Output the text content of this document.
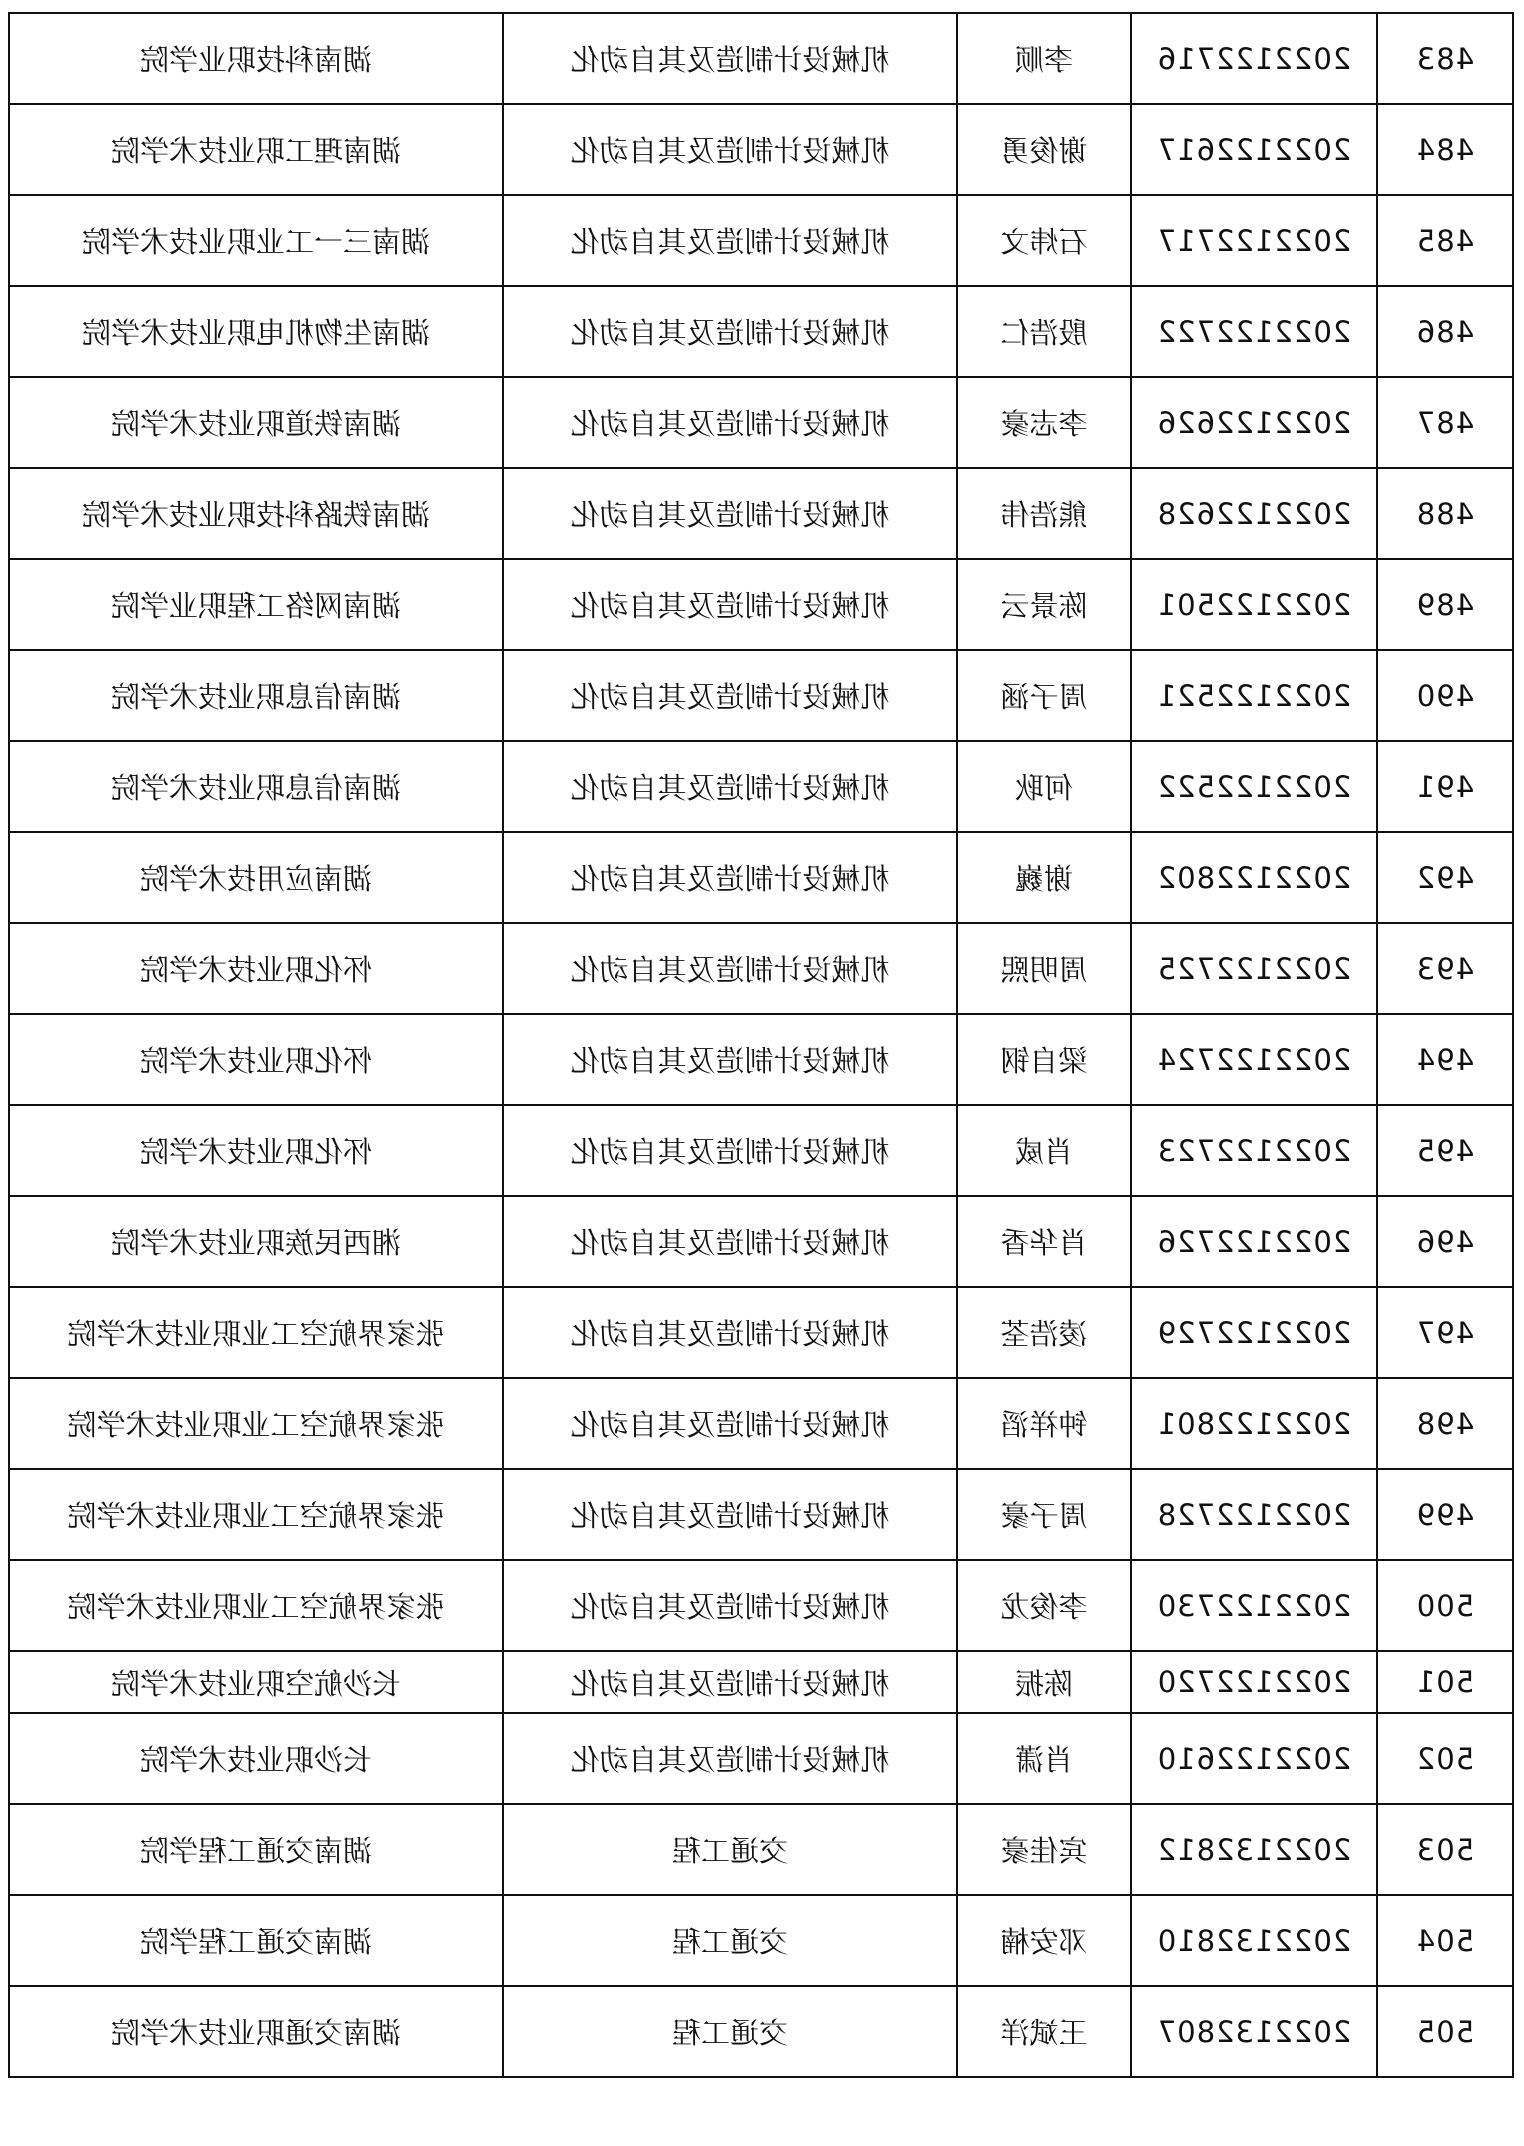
483	2022122716	李顺	机械设计制造及其自动化	湖南科技职业学院
484	2022122617	谢俊勇	机械设计制造及其自动化	湖南理工职业技术学院
485	2022122717	石炜文	机械设计制造及其自动化	湖南三一工业职业技术学院
486	2022122722	殷浩仁	机械设计制造及其自动化	湖南生物机电职业技术学院
487	2022122626	李志豪	机械设计制造及其自动化	湖南铁道职业技术学院
488	2022122628	熊浩伟	机械设计制造及其自动化	湖南铁路科技职业技术学院
489	2022122501	陈景云	机械设计制造及其自动化	湖南网络工程职业学院
490	2022122521	周子涵	机械设计制造及其自动化	湖南信息职业技术学院
491	2022122522	何耿	机械设计制造及其自动化	湖南信息职业技术学院
492	2022122802	谢巍	机械设计制造及其自动化	湖南应用技术学院
493	2022122725	周明熙	机械设计制造及其自动化	怀化职业技术学院
494	2022122724	梁自钢	机械设计制造及其自动化	怀化职业技术学院
495	2022122723	肖威	机械设计制造及其自动化	怀化职业技术学院
496	2022122726	肖华香	机械设计制造及其自动化	湘西民族职业技术学院
497	2022122729	凌浩荃	机械设计制造及其自动化	张家界航空工业职业技术学院
498	2022122801	钟祥滔	机械设计制造及其自动化	张家界航空工业职业技术学院
499	2022122728	周子豪	机械设计制造及其自动化	张家界航空工业职业技术学院
500	2022122730	李俊龙	机械设计制造及其自动化	张家界航空工业职业技术学院
501	2022122720	陈振	机械设计制造及其自动化	长沙航空职业技术学院
502	2022122610	肖潇	机械设计制造及其自动化	长沙职业技术学院
503	2022132812	宾佳豪	交通工程	湖南交通工程学院
504	2022132810	邓安楠	交通工程	湖南交通工程学院
505	2022132807	王斌洋	交通工程	湖南交通职业技术学院
